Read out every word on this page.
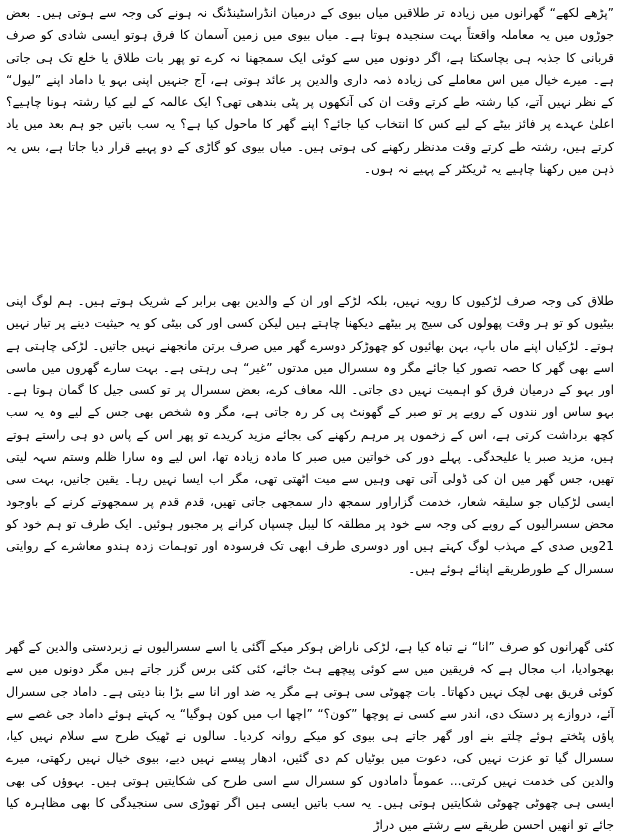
”پڑھے لکھے“ گھرانوں میں زیادہ تر طلاقیں میاں بیوی کے درمیان انڈراسٹینڈنگ نہ ہونے کی وجہ سے ہوتی ہیں۔ بعض جوڑوں میں یہ معاملہ واقعتاً بہت سنجیدہ ہوتا ہے۔ میاں بیوی میں زمین آسمان کا فرق ہوتو ایسی شادی کو صرف قربانی کا جذبہ ہی بچاسکتا ہے، اگر دونوں میں سے کوئی ایک سمجھنا نہ کرے تو پھر بات طلاق یا خلع تک ہی جاتی ہے۔ میرے خیال میں اس معاملے کی زیادہ ذمہ داری والدین پر عائد ہوتی ہے، آج جنہیں اپنی بہو یا داماد اپنے ”لیول“ کے نظر نہیں آتے، کیا رشتہ طے کرتے وقت ان کی آنکھوں پر پٹی بندھی تھی؟ ایک عالمہ کے لیے کیا رشتہ ہونا چاہیے؟ اعلیٰ عہدے پر فائز بیٹے کے لیے کس کا انتخاب کیا جائے؟ اپنے گھر کا ماحول کیا ہے؟ یہ سب باتیں جو ہم بعد میں یاد کرتے ہیں، رشتہ طے کرتے وقت مدنظر رکھنے کی ہوتی ہیں۔ میاں بیوی کو گاڑی کے دو پہیے قرار دیا جاتا ہے، بس یہ ذہن میں رکھنا چاہیے یہ ٹریکٹر کے پہیے نہ ہوں۔

طلاق کی وجہ صرف لڑکیوں کا رویہ نہیں، بلکہ لڑکے اور ان کے والدین بھی برابر کے شریک ہوتے ہیں۔ ہم لوگ اپنی بیٹیوں کو تو ہر وقت پھولوں کی سیج پر بیٹھے دیکھنا چاہتے ہیں لیکن کسی اور کی بیٹی کو یہ حیثیت دینے پر تیار نہیں ہوتے۔ لڑکیاں اپنے ماں باپ، بہن بھائیوں کو چھوڑکر دوسرے گھر میں صرف برتن مانجھنے نہیں جاتیں۔ لڑکی چاہتی ہے اسے بھی گھر کا حصہ تصور کیا جائے مگر وہ سسرال میں مدتوں ”غیر“ ہی رہتی ہے۔ بہت سارے گھروں میں ماسی اور بہو کے درمیان فرق کو اہمیت نہیں دی جاتی۔ اللہ معاف کرے، بعض سسرال پر تو کسی جیل کا گمان ہوتا ہے۔ بہو ساس اور نندوں کے رویے پر تو صبر کے گھونٹ پی کر رہ جاتی ہے، مگر وہ شخص بھی جس کے لیے وہ یہ سب کچھ برداشت کرتی ہے، اس کے زخموں پر مرہم رکھنے کی بجائے مزید کریدے تو پھر اس کے پاس دو ہی راستے ہوتے ہیں، مزید صبر یا علیحدگی۔ پہلے دور کی خواتین میں صبر کا مادہ زیادہ تھا، اس لیے وہ سارا ظلم وستم سہہ لیتی تھیں، جس گھر میں ان کی ڈولی آتی تھی وہیں سے میت اٹھتی تھی، مگر اب ایسا نہیں رہا۔ یقین جانیں، بہت سی ایسی لڑکیاں جو سلیقہ شعار، خدمت گزاراور سمجھ دار سمجھی جاتی تھیں، قدم قدم پر سمجھوتے کرنے کے باوجود محض سسرالیوں کے رویے کی وجہ سے خود پر مطلقہ کا لیبل چسپاں کرانے پر مجبور ہوئیں۔ ایک طرف تو ہم خود کو 21ویں صدی کے مہذب لوگ کہتے ہیں اور دوسری طرف ابھی تک فرسودہ اور توہمات زدہ ہندو معاشرے کے روایتی سسرال کے طورطریقے اپنائے ہوئے ہیں۔

کئی گھرانوں کو صرف ”انا“ نے تباہ کیا ہے، لڑکی ناراض ہوکر میکے آگئی یا اسے سسرالیوں نے زبردستی والدین کے گھر بھجوادیا، اب مجال ہے کہ فریقین میں سے کوئی پیچھے ہٹ جائے، کئی کئی برس گزر جاتے ہیں مگر دونوں میں سے کوئی فریق بھی لچک نہیں دکھاتا۔ بات چھوٹی سی ہوتی ہے مگر یہ ضد اور انا سے بڑا بنا دیتی ہے۔ داماد جی سسرال آئے، دروازے پر دستک دی، اندر سے کسی نے پوچھا ”کون؟“ ”اچھا اب میں کون ہوگیا“ یہ کہتے ہوئے داماد جی غصے سے پاؤں پٹختے ہوئے چلتے بنے اور گھر جاتے ہی بیوی کو میکے روانہ کردیا۔ سالوں نے ٹھیک طرح سے سلام نہیں کیا، سسرال گیا تو عزت نہیں کی، دعوت میں بوٹیاں کم دی گئیں، ادھار پیسے نہیں دیے، بیوی خیال نہیں رکھتی، میرے والدین کی خدمت نہیں کرتی... عموماً دامادوں کو سسرال سے اسی طرح کی شکایتیں ہوتی ہیں۔ بہوؤں کی بھی ایسی ہی چھوٹی چھوٹی شکایتیں ہوتی ہیں۔ یہ سب باتیں ایسی ہیں اگر تھوڑی سی سنجیدگی کا بھی مظاہرہ کیا جائے تو انھیں احسن طریقے سے رشتے میں دراڑ
